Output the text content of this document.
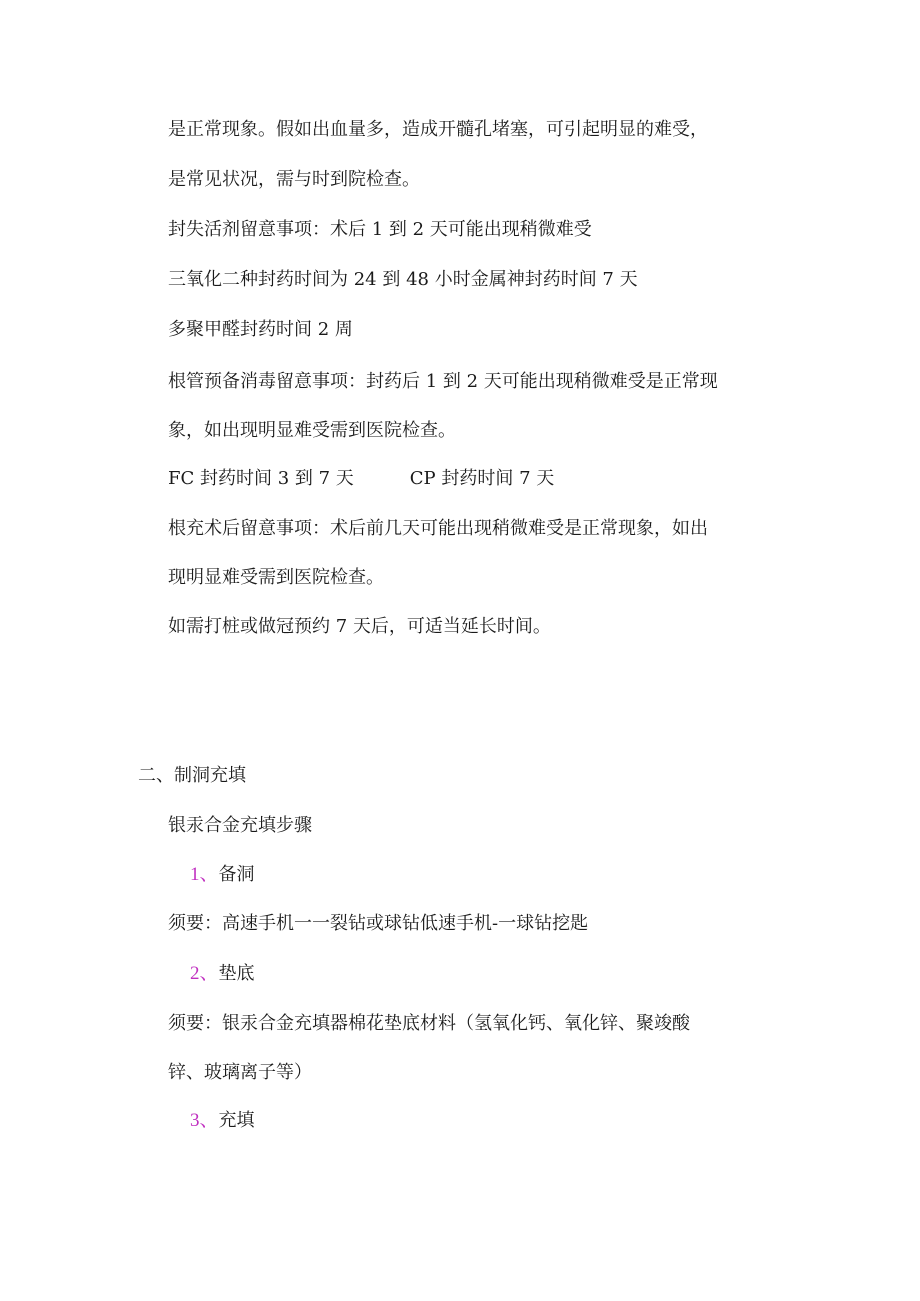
是正常现象。假如出血量多，造成开髓孔堵塞，可引起明显的难受，
是常见状况，需与时到院检查。
封失活剂留意事项：术后 1 到 2 天可能出现稍微难受
三氧化二种封药时间为 24 到 48 小时金属神封药时间 7 天
多聚甲醛封药时间 2 周
根管预备消毒留意事项：封药后 1 到 2 天可能出现稍微难受是正常现
象，如出现明显难受需到医院检查。
FC 封药时间 3 到 7 天	CP 封药时间 7 天
根充术后留意事项：术后前几天可能出现稍微难受是正常现象，如出
现明显难受需到医院检查。
如需打桩或做冠预约 7 天后，可适当延长时间。
二、制洞充填
银汞合金充填步骤
1、备洞
须要：高速手机一一裂钻或球钻低速手机-一球钻挖匙
2、垫底
须要：银汞合金充填器棉花垫底材料（氢氧化钙、氧化锌、聚竣酸
锌、玻璃离子等）
3、充填
